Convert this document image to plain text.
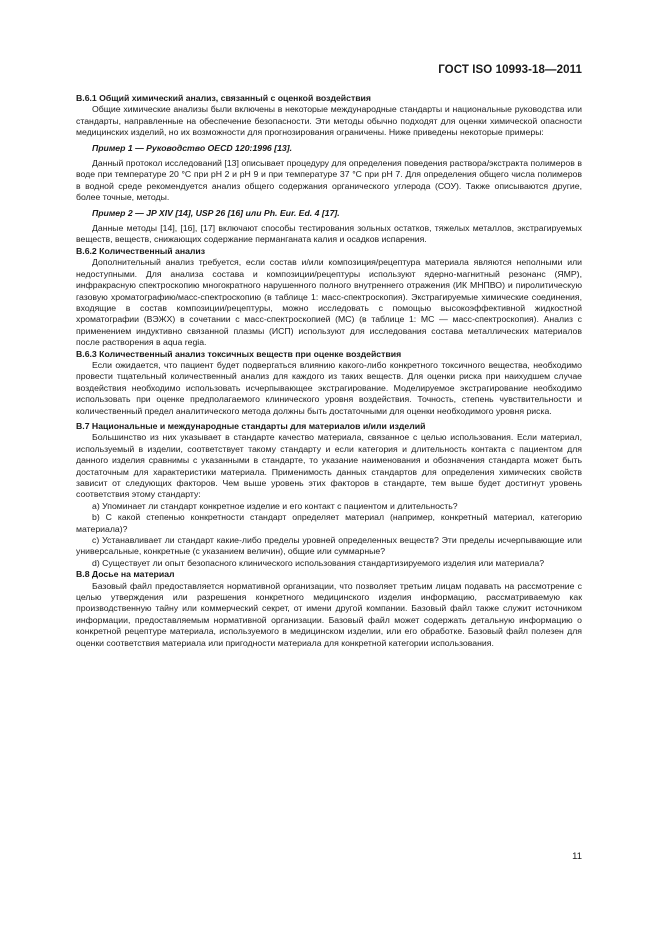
ГОСТ ISO 10993-18—2011

В.6.1 Общий химический анализ, связанный с оценкой воздействия

Общие химические анализы были включены в некоторые международные стандарты и национальные руководства или стандарты, направленные на обеспечение безопасности. Эти методы обычно подходят для оценки химической опасности медицинских изделий, но их возможности для прогнозирования ограничены. Ниже приведены некоторые примеры:

Пример 1 — Руководство OECD 120:1996 [13].

Данный протокол исследований [13] описывает процедуру для определения поведения раствора/экстракта полимеров в воде при температуре 20 °С при pH 2 и pH 9 и при температуре 37 °С при pH 7. Для определения общего числа полимеров в водной среде рекомендуется анализ общего содержания органического углерода (СОУ). Также описываются другие, более точные, методы.

Пример 2 — JP XIV [14], USP 26 [16] или Ph. Eur. Ed. 4 [17].

Данные методы [14], [16], [17] включают способы тестирования зольных остатков, тяжелых металлов, экстрагируемых веществ, веществ, снижающих содержание перманганата калия и осадков испарения.

В.6.2 Количественный анализ

Дополнительный анализ требуется, если состав и/или композиция/рецептура материала являются неполными или недоступными. Для анализа состава и композиции/рецептуры используют ядерно-магнитный резонанс (ЯМР), инфракрасную спектроскопию многократного нарушенного полного внутреннего отражения (ИК МНПВО) и пиролитическую газовую хроматографию/масс-спектроскопию (в таблице 1: масс-спектроскопия). Экстрагируемые химические соединения, входящие в состав композиции/рецептуры, можно исследовать с помощью высокоэффективной жидкостной хроматографии (ВЭЖХ) в сочетании с масс-спектроскопией (МС) (в таблице 1: МС — масс-спектроскопия). Анализ с применением индуктивно связанной плазмы (ИСП) используют для исследования состава металлических материалов после растворения в aqua regia.

В.6.3 Количественный анализ токсичных веществ при оценке воздействия

Если ожидается, что пациент будет подвергаться влиянию какого-либо конкретного токсичного вещества, необходимо провести тщательный количественный анализ для каждого из таких веществ. Для оценки риска при наихудшем случае воздействия необходимо использовать исчерпывающее экстрагирование. Моделируемое экстрагирование необходимо использовать при оценке предполагаемого клинического уровня воздействия. Точность, степень чувствительности и количественный предел аналитического метода должны быть достаточными для оценки необходимого уровня риска.

В.7 Национальные и международные стандарты для материалов и/или изделий

Большинство из них указывает в стандарте качество материала, связанное с целью использования. Если материал, используемый в изделии, соответствует такому стандарту и если категория и длительность контакта с пациентом для данного изделия сравнимы с указанными в стандарте, то указание наименования и обозначения стандарта может быть достаточным для характеристики материала. Применимость данных стандартов для определения химических свойств зависит от следующих факторов. Чем выше уровень этих факторов в стандарте, тем выше будет достигнут уровень соответствия этому стандарту:

а) Упоминает ли стандарт конкретное изделие и его контакт с пациентом и длительность?

b) С какой степенью конкретности стандарт определяет материал (например, конкретный материал, категорию материала)?

с) Устанавливает ли стандарт какие-либо пределы уровней определенных веществ? Эти пределы исчерпывающие или универсальные, конкретные (с указанием величин), общие или суммарные?

d) Существует ли опыт безопасного клинического использования стандартизируемого изделия или материала?

В.8 Досье на материал

Базовый файл предоставляется нормативной организации, что позволяет третьим лицам подавать на рассмотрение с целью утверждения или разрешения конкретного медицинского изделия информацию, рассматриваемую как производственную тайну или коммерческий секрет, от имени другой компании. Базовый файл также служит источником информации, предоставляемым нормативной организации. Базовый файл может содержать детальную информацию о конкретной рецептуре материала, используемого в медицинском изделии, или его обработке. Базовый файл полезен для оценки соответствия материала или пригодности материала для конкретной категории использования.

11
